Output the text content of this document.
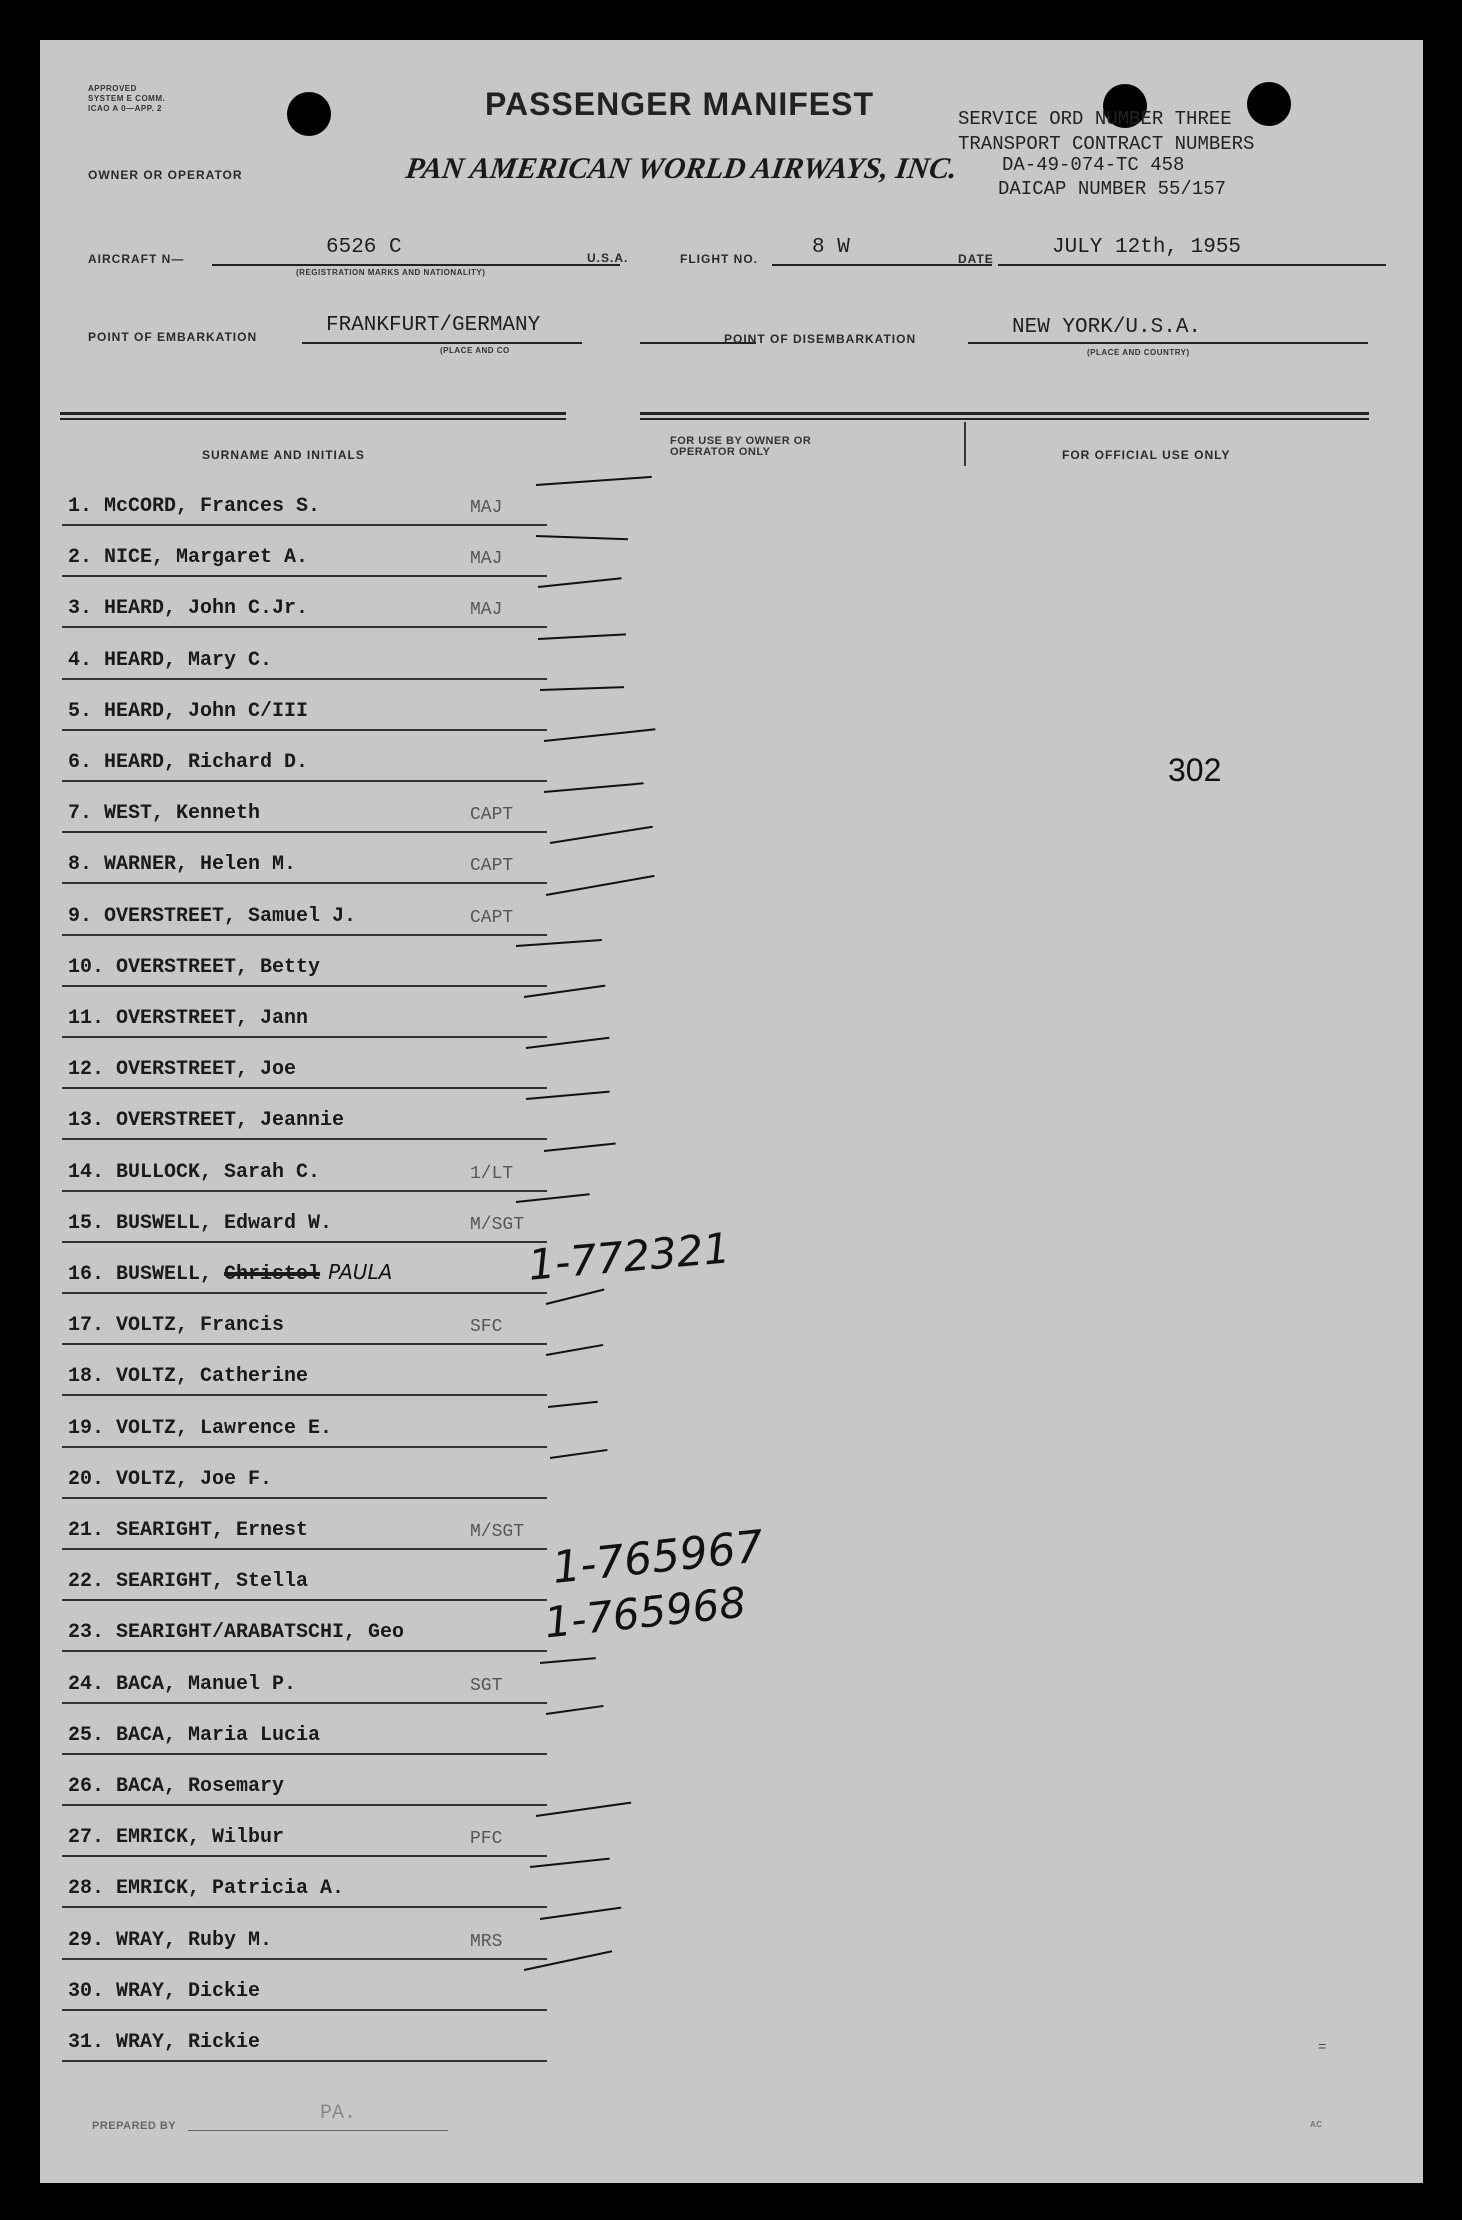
APPROVED
SYSTEM E COMM.
ICAO A 0—APP. 2	PASSENGER MANIFEST
OWNER OR OPERATOR	PAN AMERICAN WORLD AIRWAYS, INC.
SERVICE ORD NUMBER THREE
TRANSPORT CONTRACT NUMBERS
DA-49-074-TC 458
DAICAP NUMBER 55/157
AIRCRAFT N—	6526 C
(REGISTRATION MARKS AND NATIONALITY)
U.S.A.	FLIGHT NO.	8 W	DATE	JULY 12th, 1955
POINT OF EMBARKATION	FRANKFURT/GERMANY
(PLACE AND CO
POINT OF DISEMBARKATION	NEW YORK/U.S.A.
(PLACE AND COUNTRY)
SURNAME AND INITIALS
FOR USE BY OWNER OR OPERATOR ONLY	FOR OFFICIAL USE ONLY
302
1. McCORD, Frances S.	MAJ
2. NICE, Margaret A.	MAJ
3. HEARD, John C.Jr.	MAJ
4. HEARD, Mary C.
5. HEARD, John C/III
6. HEARD, Richard D.
7. WEST, Kenneth	CAPT
8. WARNER, Helen M.	CAPT
9. OVERSTREET, Samuel J.	CAPT
10. OVERSTREET, Betty
11. OVERSTREET, Jann
12. OVERSTREET, Joe
13. OVERSTREET, Jeannie
14. BULLOCK, Sarah C.	1/LT
15. BUSWELL, Edward W.	M/SGT
16. BUSWELL, Christel PAULA
17. VOLTZ, Francis	SFC
18. VOLTZ, Catherine
19. VOLTZ, Lawrence E.
20. VOLTZ, Joe F.
21. SEARIGHT, Ernest	M/SGT
22. SEARIGHT, Stella
23. SEARIGHT/ARABATSCHI, Geo
24. BACA, Manuel P.	SGT
25. BACA, Maria Lucia
26. BACA, Rosemary
27. EMRICK, Wilbur	PFC
28. EMRICK, Patricia A.
29. WRAY, Ruby M.	MRS
30. WRAY, Dickie
31. WRAY, Rickie
1-772321
1-765967
1-765968
PREPARED BY
PA.	AC
=
